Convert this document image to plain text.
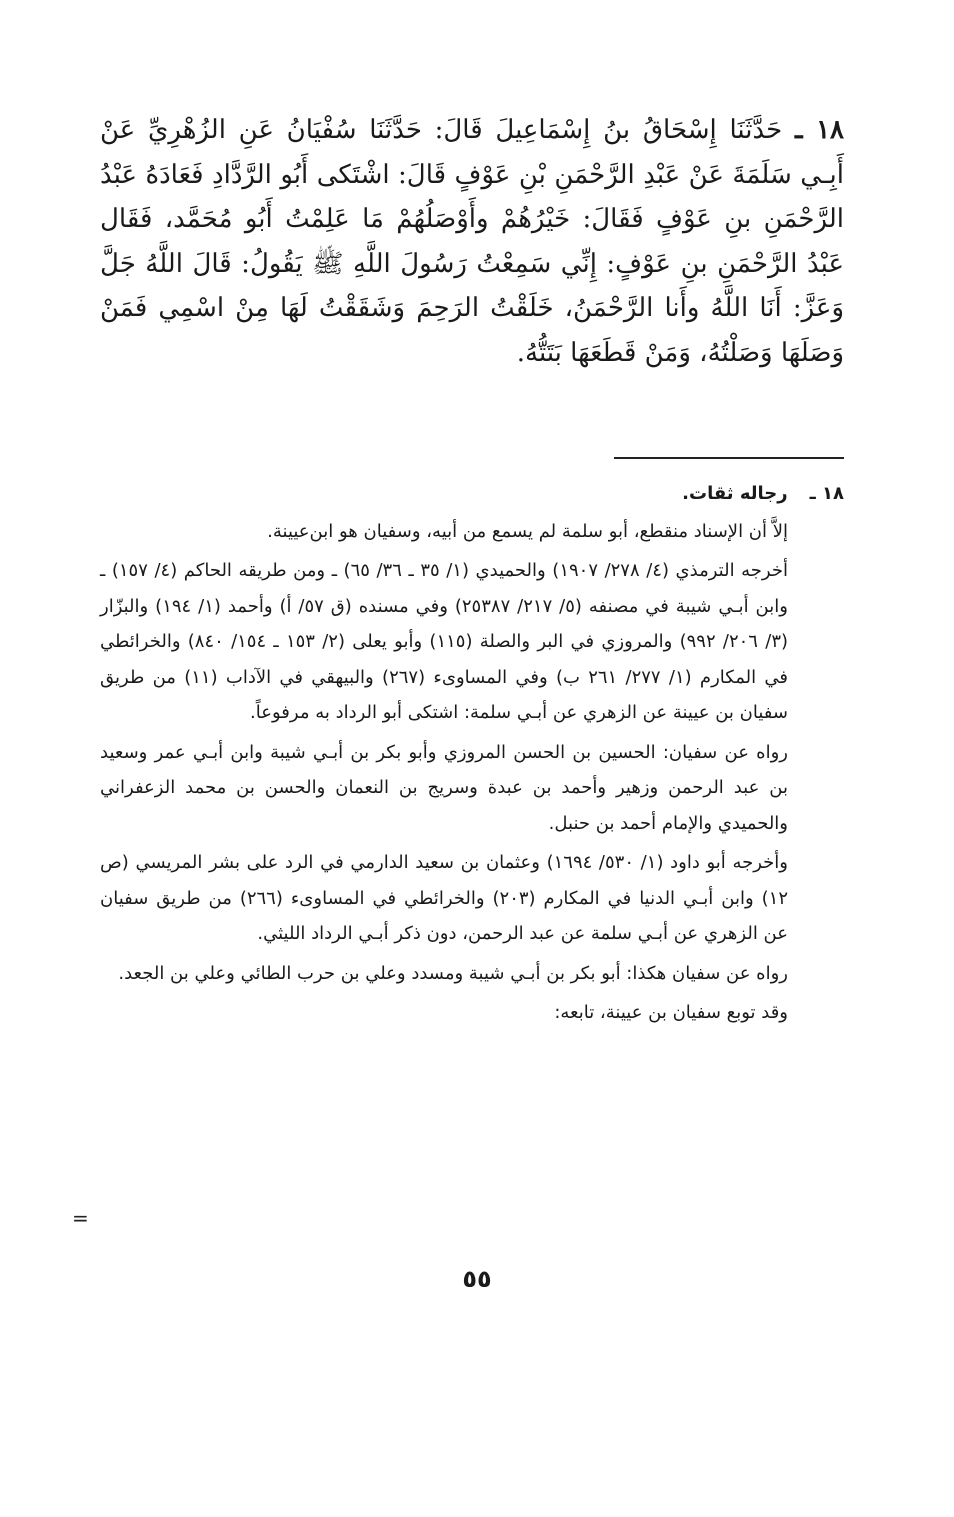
١٨ ـ حَدَّثَنَا إِسْحَاقُ بنُ إِسْمَاعِيلَ قَالَ: حَدَّثَنَا سُفْيَانُ عَنِ الزُهْرِيِّ عَنْ أَبِـي سَلَمَةَ عَنْ عَبْدِ الرَّحْمَنِ بْنِ عَوْفٍ قَالَ: اشْتَكى أَبُو الرَّدَّادِ فَعَادَهُ عَبْدُ الرَّحْمَنِ بنِ عَوْفٍ فَقَالَ: خَيْرُهُمْ وأَوْصَلُهُمْ مَا عَلِمْتُ أَبُو مُحَمَّد، فَقَال عَبْدُ الرَّحْمَنِ بنِ عَوْفٍ: إِنِّي سَمِعْتُ رَسُولَ اللَّهِ ﷺ يَقُولُ: قَالَ اللَّهُ جَلَّ وَعَزَّ: أَنَا اللَّهُ وأَنا الرَّحْمَنُ، خَلَقْتُ الرَحِمَ وَشَقَقْتُ لَهَا مِنْ اسْمِي فَمَنْ وَصَلَهَا وَصَلْتُهُ، وَمَنْ قَطَعَهَا بَتَتُّهُ.
١٨ ـ
رجاله ثقات.

إلاَّ أن الإسناد منقطع، أبو سلمة لم يسمع من أبيه، وسفيان هو ابن‌عيينة.

أخرجه الترمذي (٤/ ٢٧٨/ ١٩٠٧) والحميدي (١/ ٣٥ ـ ٣٦/ ٦٥) ـ ومن طريقه الحاكم (٤/ ١٥٧) ـ وابن أبـي شيبة في مصنفه (٥/ ٢١٧/ ٢٥٣٨٧) وفي مسنده (ق ٥٧/ أ) وأحمد (١/ ١٩٤) والبزّار (٣/ ٢٠٦/ ٩٩٢) والمروزي في البر والصلة (١١٥) وأبو يعلى (٢/ ١٥٣ ـ ١٥٤/ ٨٤٠) والخرائطي في المكارم (١/ ٢٧٧/ ٢٦١ ب) وفي المساوىء (٢٦٧) والبيهقي في الآداب (١١) من طريق سفيان بن عيينة عن الزهري عن أبـي سلمة: اشتكى أبو الرداد به مرفوعاً.

رواه عن سفيان: الحسين بن الحسن المروزي وأبو بكر بن أبـي شيبة وابن أبـي عمر وسعيد بن عبد الرحمن وزهير وأحمد بن عبدة وسريج بن النعمان والحسن بن محمد الزعفراني والحميدي والإمام أحمد بن حنبل.

وأخرجه أبو داود (١/ ٥٣٠/ ١٦٩٤) وعثمان بن سعيد الدارمي في الرد على بشر المريسي (ص ١٢) وابن أبـي الدنيا في المكارم (٢٠٣) والخرائطي في المساوىء (٢٦٦) من طريق سفيان عن الزهري عن أبـي سلمة عن عبد الرحمن، دون ذكر أبـي الرداد الليثي.

رواه عن سفيان هكذا: أبو بكر بن أبـي شيبة ومسدد وعلي بن حرب الطائي وعلي بن الجعد.

وقد توبع سفيان بن عيينة، تابعه:

=
٥٥
